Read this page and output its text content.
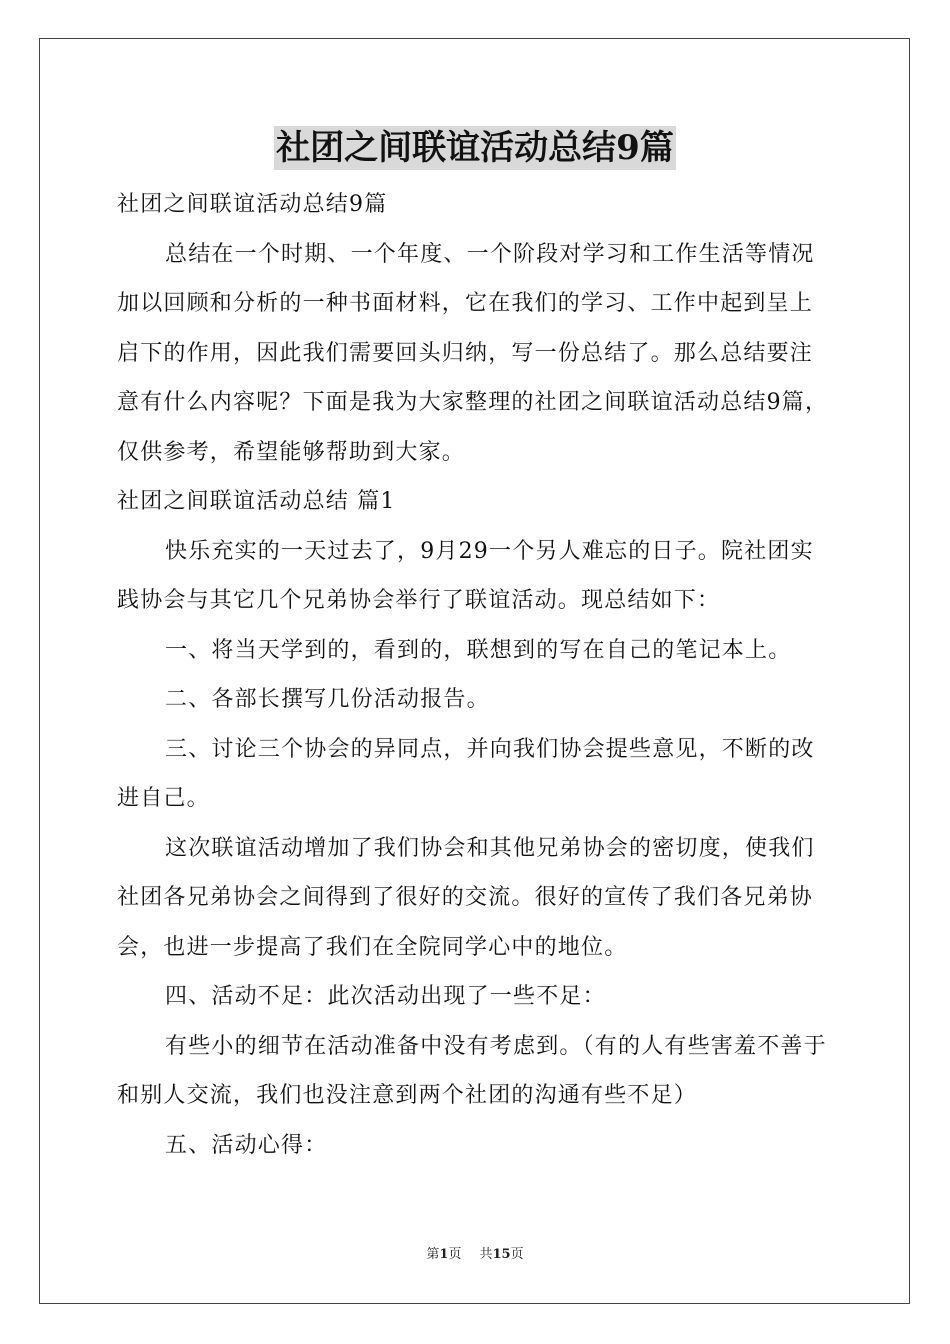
社团之间联谊活动总结9篇

社团之间联谊活动总结9篇

总结在一个时期、一个年度、一个阶段对学习和工作生活等情况加以回顾和分析的一种书面材料，它在我们的学习、工作中起到呈上启下的作用，因此我们需要回头归纳，写一份总结了。那么总结要注意有什么内容呢？下面是我为大家整理的社团之间联谊活动总结9篇，仅供参考，希望能够帮助到大家。

社团之间联谊活动总结 篇1

快乐充实的一天过去了，9月29一个另人难忘的日子。院社团实践协会与其它几个兄弟协会举行了联谊活动。现总结如下：

一、将当天学到的，看到的，联想到的写在自己的笔记本上。

二、各部长撰写几份活动报告。

三、讨论三个协会的异同点，并向我们协会提些意见，不断的改进自己。

这次联谊活动增加了我们协会和其他兄弟协会的密切度，使我们社团各兄弟协会之间得到了很好的交流。很好的宣传了我们各兄弟协会，也进一步提高了我们在全院同学心中的地位。

四、活动不足：此次活动出现了一些不足：

有些小的细节在活动准备中没有考虑到。（有的人有些害羞不善于和别人交流，我们也没注意到两个社团的沟通有些不足）

五、活动心得：

第1页 共15页
